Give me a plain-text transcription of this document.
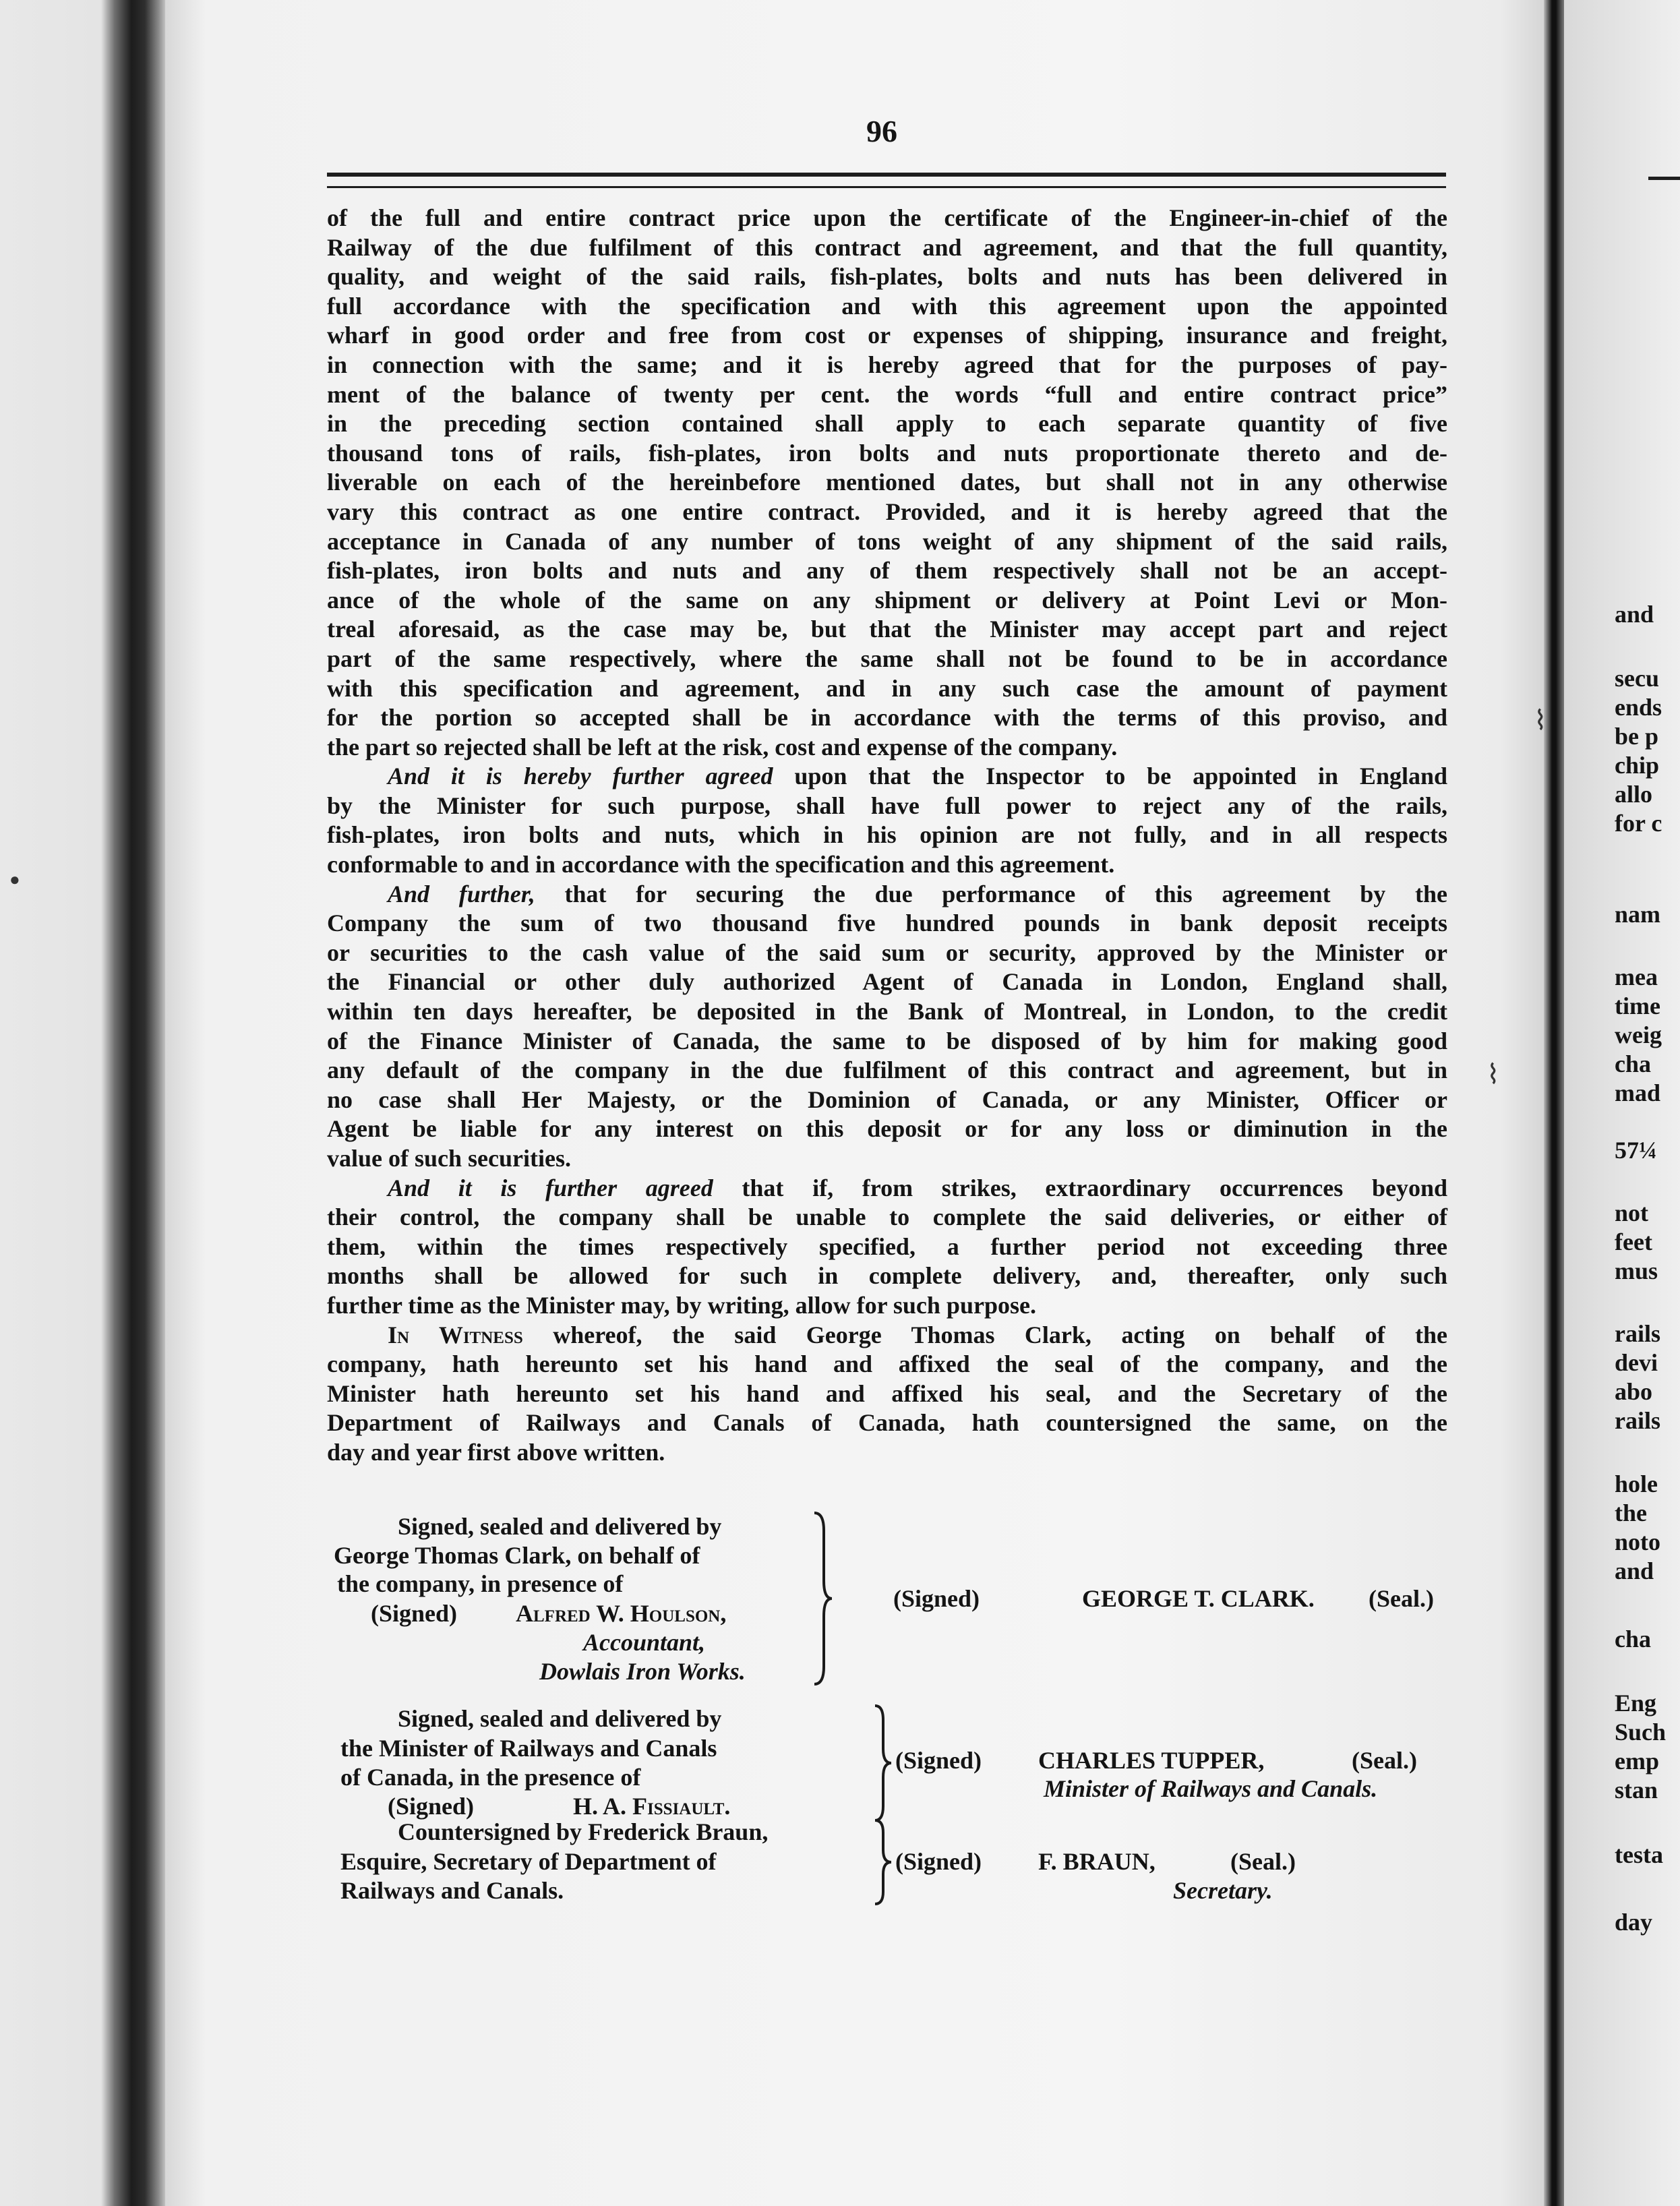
96
of the full and entire contract price upon the certificate of the Engineer-in-chief of the
Railway of the due fulfilment of this contract and agreement, and that the full quantity,
quality, and weight of the said rails, fish-plates, bolts and nuts has been delivered in
full accordance with the specification and with this agreement upon the appointed
wharf in good order and free from cost or expenses of shipping, insurance and freight,
in connection with the same; and it is hereby agreed that for the purposes of pay-
ment of the balance of twenty per cent. the words “full and entire contract price”
in the preceding section contained shall apply to each separate quantity of five
thousand tons of rails, fish-plates, iron bolts and nuts proportionate thereto and de-
liverable on each of the hereinbefore mentioned dates, but shall not in any otherwise
vary this contract as one entire contract. Provided, and it is hereby agreed that the
acceptance in Canada of any number of tons weight of any shipment of the said rails,
fish-plates, iron bolts and nuts and any of them respectively shall not be an accept-
ance of the whole of the same on any shipment or delivery at Point Levi or Mon-
treal aforesaid, as the case may be, but that the Minister may accept part and reject
part of the same respectively, where the same shall not be found to be in accordance
with this specification and agreement, and in any such case the amount of payment
for the portion so accepted shall be in accordance with the terms of this proviso, and
the part so rejected shall be left at the risk, cost and expense of the company.
And it is hereby further agreed upon that the Inspector to be appointed in England
by the Minister for such purpose, shall have full power to reject any of the rails,
fish-plates, iron bolts and nuts, which in his opinion are not fully, and in all respects
conformable to and in accordance with the specification and this agreement.
And further, that for securing the due performance of this agreement by the
Company the sum of two thousand five hundred pounds in bank deposit receipts
or securities to the cash value of the said sum or security, approved by the Minister or
the Financial or other duly authorized Agent of Canada in London, England shall,
within ten days hereafter, be deposited in the Bank of Montreal, in London, to the credit
of the Finance Minister of Canada, the same to be disposed of by him for making good
any default of the company in the due fulfilment of this contract and agreement, but in
no case shall Her Majesty, or the Dominion of Canada, or any Minister, Officer or
Agent be liable for any interest on this deposit or for any loss or diminution in the
value of such securities.
And it is further agreed that if, from strikes, extraordinary occurrences beyond
their control, the company shall be unable to complete the said deliveries, or either of
them, within the times respectively specified, a further period not exceeding three
months shall be allowed for such in complete delivery, and, thereafter, only such
further time as the Minister may, by writing, allow for such purpose.
In Witness whereof, the said George Thomas Clark, acting on behalf of the
company, hath hereunto set his hand and affixed the seal of the company, and the
Minister hath hereunto set his hand and affixed his seal, and the Secretary of the
Department of Railways and Canals of Canada, hath countersigned the same, on the
day and year first above written.
Signed, sealed and delivered by
George Thomas Clark, on behalf of
the company, in presence of
(Signed) Alfred W. Houlson,
Accountant,
Dowlais Iron Works.
(Signed)	GEORGE T. CLARK. (Seal.)
Signed, sealed and delivered by
the Minister of Railways and Canals
of Canada, in the presence of
(Signed)	H. A. Fissiault.
(Signed) CHARLES TUPPER,	(Seal.)
Minister of Railways and Canals.
Countersigned by Frederick Braun,
Esquire, Secretary of Department of
Railways and Canals.
(Signed) F. BRAUN,	(Seal.)
Secretary.
⌇
⌇
●
and
secu
ends
be p
chip
allo
for c
nam
mea
time
weig
cha
mad
57¼
not
feet
mus
rails
devi
abo
rails
hole
the
noto
and
cha
Eng
Such
emp
stan
testa
day
